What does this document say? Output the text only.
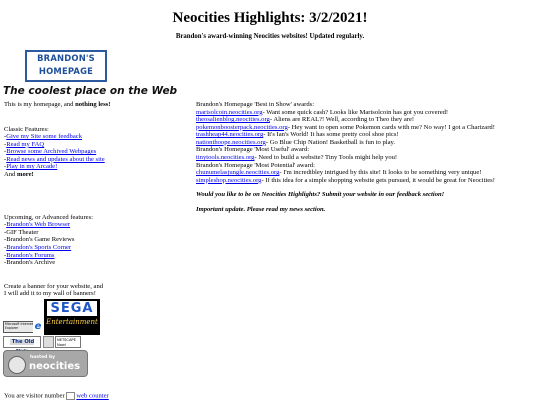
Neocities Highlights: 3/2/2021!
Brandon's award-winning Neocities websites! Updated regularly.
BRANDON'S
HOMEPAGE
The coolest place on the Web

This is my homepage, and nothing less!

Classic Features:

-Give my Site some feedback

-Read my FAQ

-Browse some Archived Webpages

-Read news and updates about the site

-Play in my Arcade!

And more!

Upcoming, or Advanced features:

-Brandon's Web Browser

-GIF Theater

-Brandon's Game Reviews

-Brandon's Sports Corner

-Brandon's Forums

-Brandon's Archive

Create a banner for your website, and

I will add it to my wall of banners!

Microsoft Internet Explorer	e
SEGA
Entertainment
The Old	NETSCAPE Now!
hosted by
neocities
You are visitor number web counter

Brandon's Homepage 'Best in Show' awards:

marisolcoin.neocities.org- Want some quick cash? Looks like Marisolcoin has got you covered!

theosalienblog.neocities.org- Aliens are REAL?! Well, according to Theo they are!

pokemonboosterpack.neocities.org- Hey want to open some Pokemon cards with me? No way! I got a Charizard!

trashheap44.neocities.org- It's Ian's World! It has some pretty cool shoe pics!

nationthoope.neocities.org- Go Blue Chip Nation! Basketball is fun to play.

Brandon's Homepage 'Most Useful' award:

tinytools.neocities.org- Need to build a website? Tiny Tools might help you!

Brandon's Homepage 'Most Potential' award:

chunumelasjungle.neocities.org- I'm incredibley intrigued by this site! It looks to be something very unique!

simpleshop.neocities.org- If this idea for a simple shopping website gets pursued, it would be great for Neocities!

Would you like to be on Neocities Highlights? Submit your website in our feedback section!

Important update. Please read my news section.
